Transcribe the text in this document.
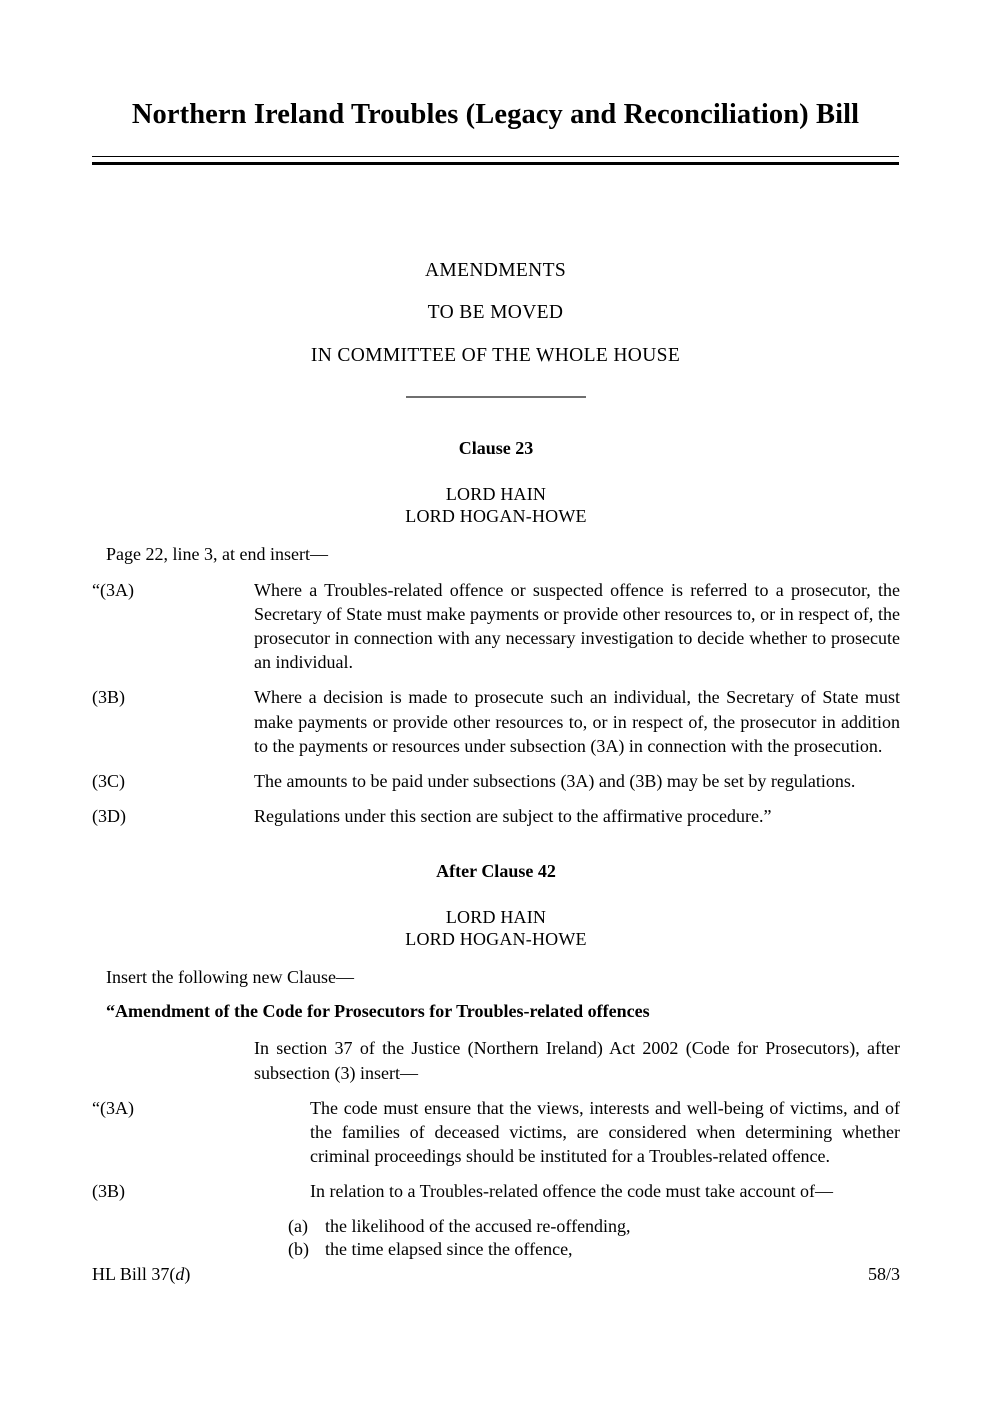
Northern Ireland Troubles (Legacy and Reconciliation) Bill
AMENDMENTS
TO BE MOVED
IN COMMITTEE OF THE WHOLE HOUSE
Clause 23
LORD HAIN
LORD HOGAN-HOWE
Page 22, line 3, at end insert—
“(3A)	Where a Troubles-related offence or suspected offence is referred to a prosecutor, the Secretary of State must make payments or provide other resources to, or in respect of, the prosecutor in connection with any necessary investigation to decide whether to prosecute an individual.
(3B)	Where a decision is made to prosecute such an individual, the Secretary of State must make payments or provide other resources to, or in respect of, the prosecutor in addition to the payments or resources under subsection (3A) in connection with the prosecution.
(3C)	The amounts to be paid under subsections (3A) and (3B) may be set by regulations.
(3D)	Regulations under this section are subject to the affirmative procedure.”
After Clause 42
LORD HAIN
LORD HOGAN-HOWE
Insert the following new Clause—
“Amendment of the Code for Prosecutors for Troubles-related offences
In section 37 of the Justice (Northern Ireland) Act 2002 (Code for Prosecutors), after subsection (3) insert—
“(3A)	The code must ensure that the views, interests and well-being of victims, and of the families of deceased victims, are considered when determining whether criminal proceedings should be instituted for a Troubles-related offence.
(3B)	In relation to a Troubles-related offence the code must take account of—
(a) the likelihood of the accused re-offending,
(b) the time elapsed since the offence,
HL Bill 37(d)	58/3
